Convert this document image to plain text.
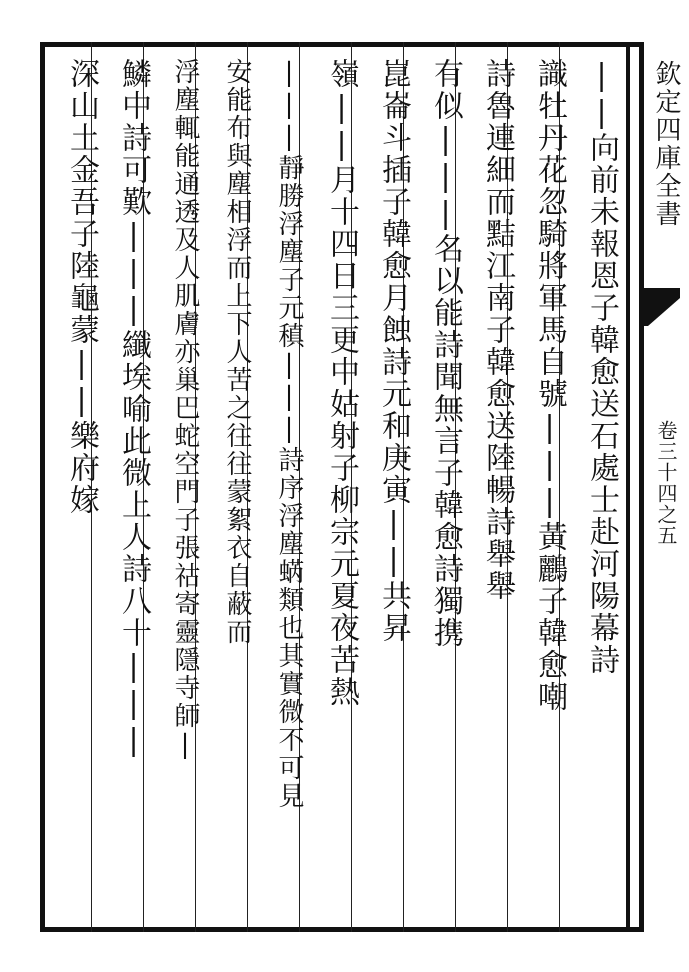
欽定四庫全書
卷三十四之五
||向前未報恩子韓愈送石處士赴河陽幕詩
識牡丹花忽騎將軍馬自號|||黃鸝子韓愈嘲
詩魯連細而黠江南子韓愈送陸暢詩舉舉
有似|||名以能詩聞無言子韓愈詩獨携
崑崙斗插子韓愈月蝕詩元和庚寅||共昇
嶺||月十四日三更中姑射子柳宗元夏夜苦熱
|||靜勝浮塵子元稹|||詩序浮塵蜹類也其實微不可見
安能布與塵相浮而上下人苦之往往蒙絮衣自蔽而
浮塵輒能通透及人肌膚亦巢巴蛇空門子張祜寄靈隱寺師|
鱗中詩可歎|||纖埃喻此微上人詩八十|||
深山土金吾子陸龜蒙||樂府嫁
